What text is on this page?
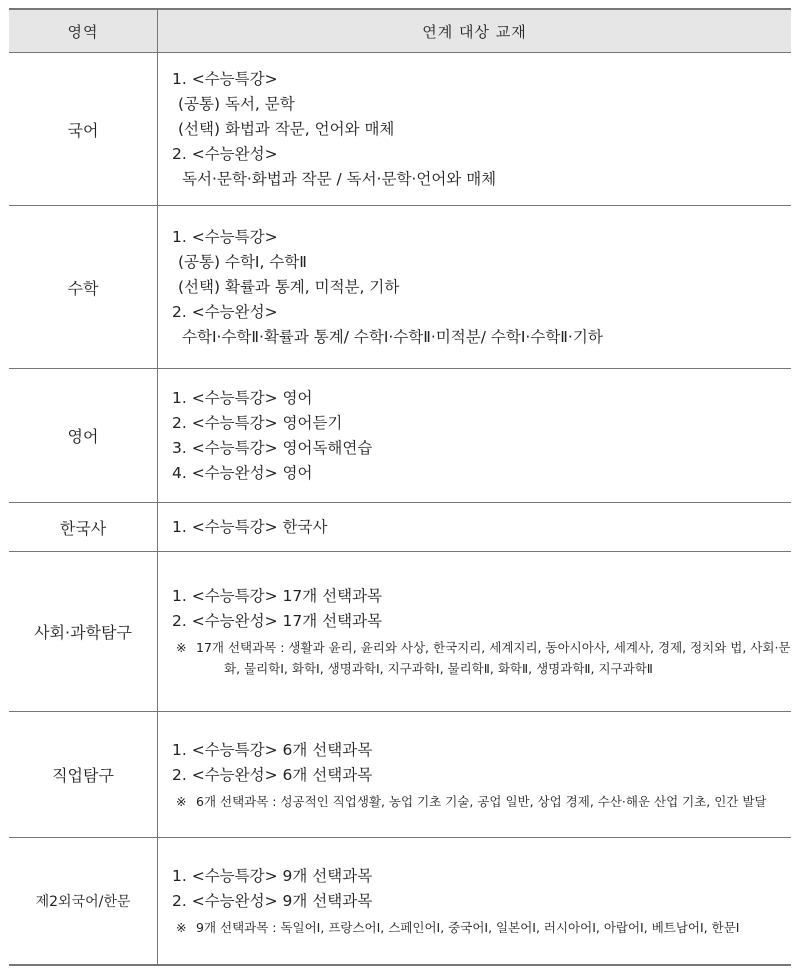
영역	연계 대상 교재
국어	1. <수능특강>
(공통) 독서, 문학
(선택) 화법과 작문, 언어와 매체
2. <수능완성>
독서·문학·화법과 작문 / 독서·문학·언어와 매체

수학	1. <수능특강>
(공통) 수학Ⅰ, 수학Ⅱ
(선택) 확률과 통계, 미적분, 기하
2. <수능완성>
수학Ⅰ·수학Ⅱ·확률과 통계/ 수학Ⅰ·수학Ⅱ·미적분/ 수학Ⅰ·수학Ⅱ·기하

영어	1. <수능특강> 영어
2. <수능특강> 영어듣기
3. <수능특강> 영어독해연습
4. <수능완성> 영어

한국사	1. <수능특강> 한국사

사회·과학탐구	1. <수능특강> 17개 선택과목
2. <수능완성> 17개 선택과목
※ 17개 선택과목 : 생활과 윤리, 윤리와 사상, 한국지리, 세계지리, 동아시아사, 세계사, 경제, 정치와 법, 사회·문화, 물리학Ⅰ, 화학Ⅰ, 생명과학Ⅰ, 지구과학Ⅰ, 물리학Ⅱ, 화학Ⅱ, 생명과학Ⅱ, 지구과학Ⅱ

직업탐구	1. <수능특강> 6개 선택과목
2. <수능완성> 6개 선택과목
※ 6개 선택과목 : 성공적인 직업생활, 농업 기초 기술, 공업 일반, 상업 경제, 수산·해운 산업 기초, 인간 발달

제2외국어/한문	1. <수능특강> 9개 선택과목
2. <수능완성> 9개 선택과목
※ 9개 선택과목 : 독일어Ⅰ, 프랑스어Ⅰ, 스페인어Ⅰ, 중국어Ⅰ, 일본어Ⅰ, 러시아어Ⅰ, 아랍어Ⅰ, 베트남어Ⅰ, 한문Ⅰ
